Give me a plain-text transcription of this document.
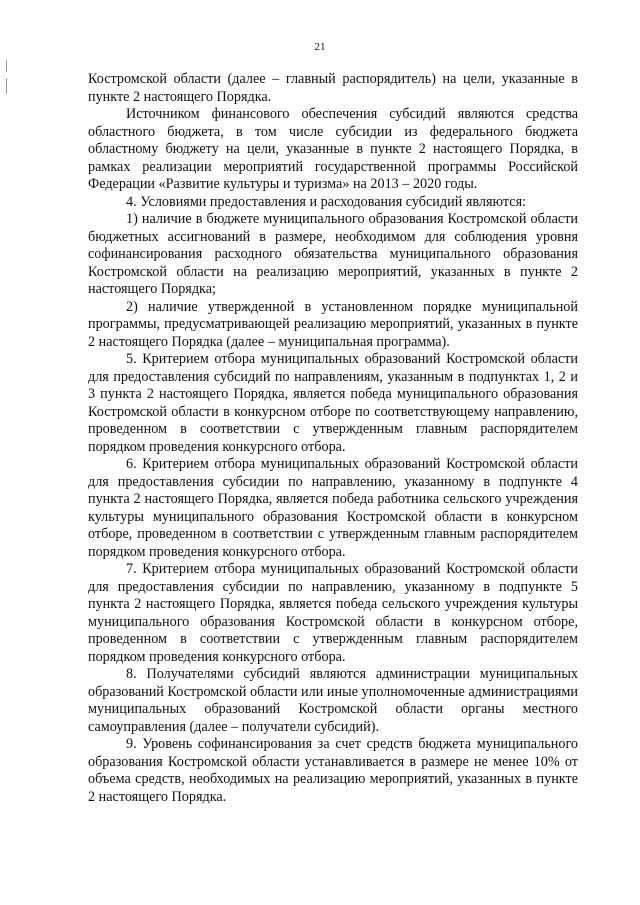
21

Костромской области (далее – главный распорядитель) на цели, указанные в пункте 2 настоящего Порядка.

Источником финансового обеспечения субсидий являются средства областного бюджета, в том числе субсидии из федерального бюджета областному бюджету на цели, указанные в пункте 2 настоящего Порядка, в рамках реализации мероприятий государственной программы Российской Федерации «Развитие культуры и туризма» на 2013 – 2020 годы.

4. Условиями предоставления и расходования субсидий являются:

1) наличие в бюджете муниципального образования Костромской области бюджетных ассигнований в размере, необходимом для соблюдения уровня софинансирования расходного обязательства муниципального образования Костромской области на реализацию мероприятий, указанных в пункте 2 настоящего Порядка;

2) наличие утвержденной в установленном порядке муниципальной программы, предусматривающей реализацию мероприятий, указанных в пункте 2 настоящего Порядка (далее – муниципальная программа).

5. Критерием отбора муниципальных образований Костромской области для предоставления субсидий по направлениям, указанным в подпунктах 1, 2 и 3 пункта 2 настоящего Порядка, является победа муниципального образования Костромской области в конкурсном отборе по соответствующему направлению, проведенном в соответствии с утвержденным главным распорядителем порядком проведения конкурсного отбора.

6. Критерием отбора муниципальных образований Костромской области для предоставления субсидии по направлению, указанному в подпункте 4 пункта 2 настоящего Порядка, является победа работника сельского учреждения культуры муниципального образования Костромской области в конкурсном отборе, проведенном в соответствии с утвержденным главным распорядителем порядком проведения конкурсного отбора.

7. Критерием отбора муниципальных образований Костромской области для предоставления субсидии по направлению, указанному в подпункте 5 пункта 2 настоящего Порядка, является победа сельского учреждения культуры муниципального образования Костромской области в конкурсном отборе, проведенном в соответствии с утвержденным главным распорядителем порядком проведения конкурсного отбора.

8. Получателями субсидий являются администрации муниципальных образований Костромской области или иные уполномоченные администрациями муниципальных образований Костромской области органы местного самоуправления (далее – получатели субсидий).

9. Уровень софинансирования за счет средств бюджета муниципального образования Костромской области устанавливается в размере не менее 10% от объема средств, необходимых на реализацию мероприятий, указанных в пункте 2 настоящего Порядка.
